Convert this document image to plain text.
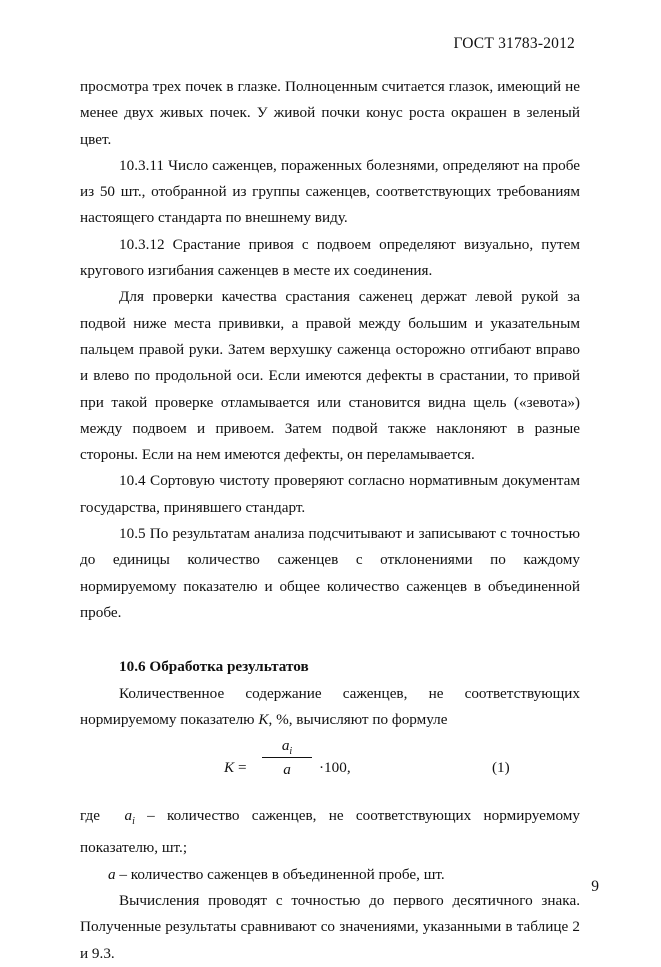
ГОСТ 31783-2012

просмотра трех почек в глазке. Полноценным считается глазок, имеющий не менее двух живых почек. У живой почки конус роста окрашен в зеленый цвет.

10.3.11 Число саженцев, пораженных болезнями, определяют на пробе из 50 шт., отобранной из группы саженцев, соответствующих требованиям настоящего стандарта по внешнему виду.

10.3.12 Срастание привоя с подвоем определяют визуально, путем кругового изгибания саженцев в месте их соединения.

Для проверки качества срастания саженец держат левой рукой за подвой ниже места прививки, а правой между большим и указательным пальцем правой руки. Затем верхушку саженца осторожно отгибают вправо и влево по продольной оси. Если имеются дефекты в срастании, то привой при такой проверке отламывается или становится видна щель («зевота») между подвоем и привоем. Затем подвой также наклоняют в разные стороны. Если на нем имеются дефекты, он переламывается.

10.4 Сортовую чистоту проверяют согласно нормативным документам государства, принявшего стандарт.

10.5 По результатам анализа подсчитывают и записывают с точностью до единицы количество саженцев с отклонениями по каждому нормируемому показателю и общее количество саженцев в объединенной пробе.

10.6 Обработка результатов

Количественное содержание саженцев, не соответствующих нормируемому показателю K, %, вычисляют по формуле

K =
$a_i$
a	·100,	(1)

где $a_i$ – количество саженцев, не соответствующих нормируемому показателю, шт.;

a – количество саженцев в объединенной пробе, шт.

Вычисления проводят с точностью до первого десятичного знака. Полученные результаты сравнивают со значениями, указанными в таблице 2 и 9.3.

9
